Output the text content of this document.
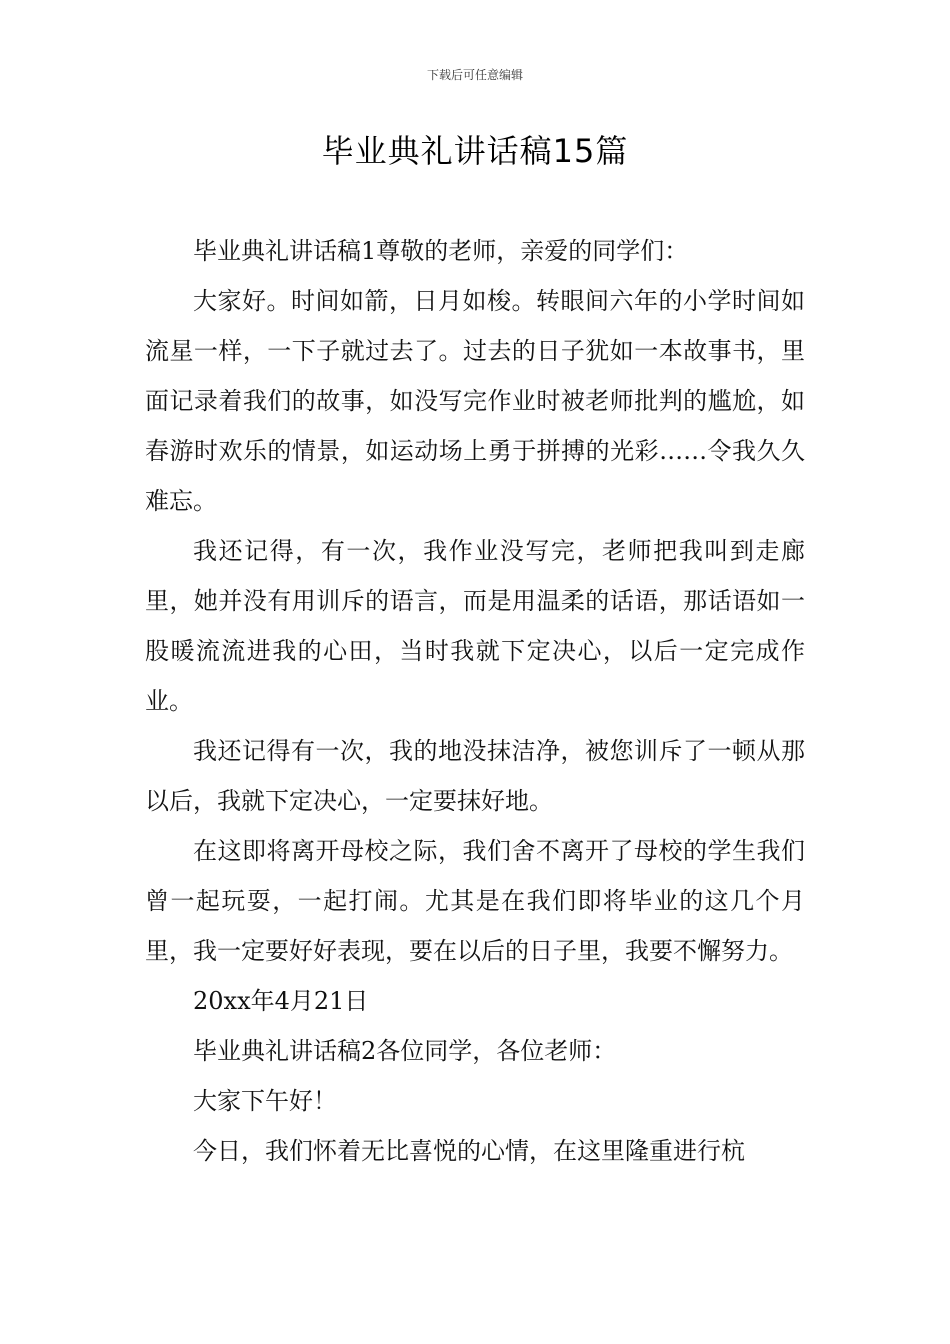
下载后可任意编辑
毕业典礼讲话稿15篇

毕业典礼讲话稿1尊敬的老师，亲爱的同学们：

大家好。时间如箭，日月如梭。转眼间六年的小学时间如流星一样，一下子就过去了。过去的日子犹如一本故事书，里面记录着我们的故事，如没写完作业时被老师批判的尴尬，如春游时欢乐的情景，如运动场上勇于拼搏的光彩……令我久久难忘。

我还记得，有一次，我作业没写完，老师把我叫到走廊里，她并没有用训斥的语言，而是用温柔的话语，那话语如一股暖流流进我的心田，当时我就下定决心，以后一定完成作业。

我还记得有一次，我的地没抹洁净，被您训斥了一顿从那以后，我就下定决心，一定要抹好地。

在这即将离开母校之际，我们舍不离开了母校的学生我们曾一起玩耍，一起打闹。尤其是在我们即将毕业的这几个月里，我一定要好好表现，要在以后的日子里，我要不懈努力。

20xx年4月21日

毕业典礼讲话稿2各位同学，各位老师：

大家下午好！

今日，我们怀着无比喜悦的心情，在这里隆重进行杭
